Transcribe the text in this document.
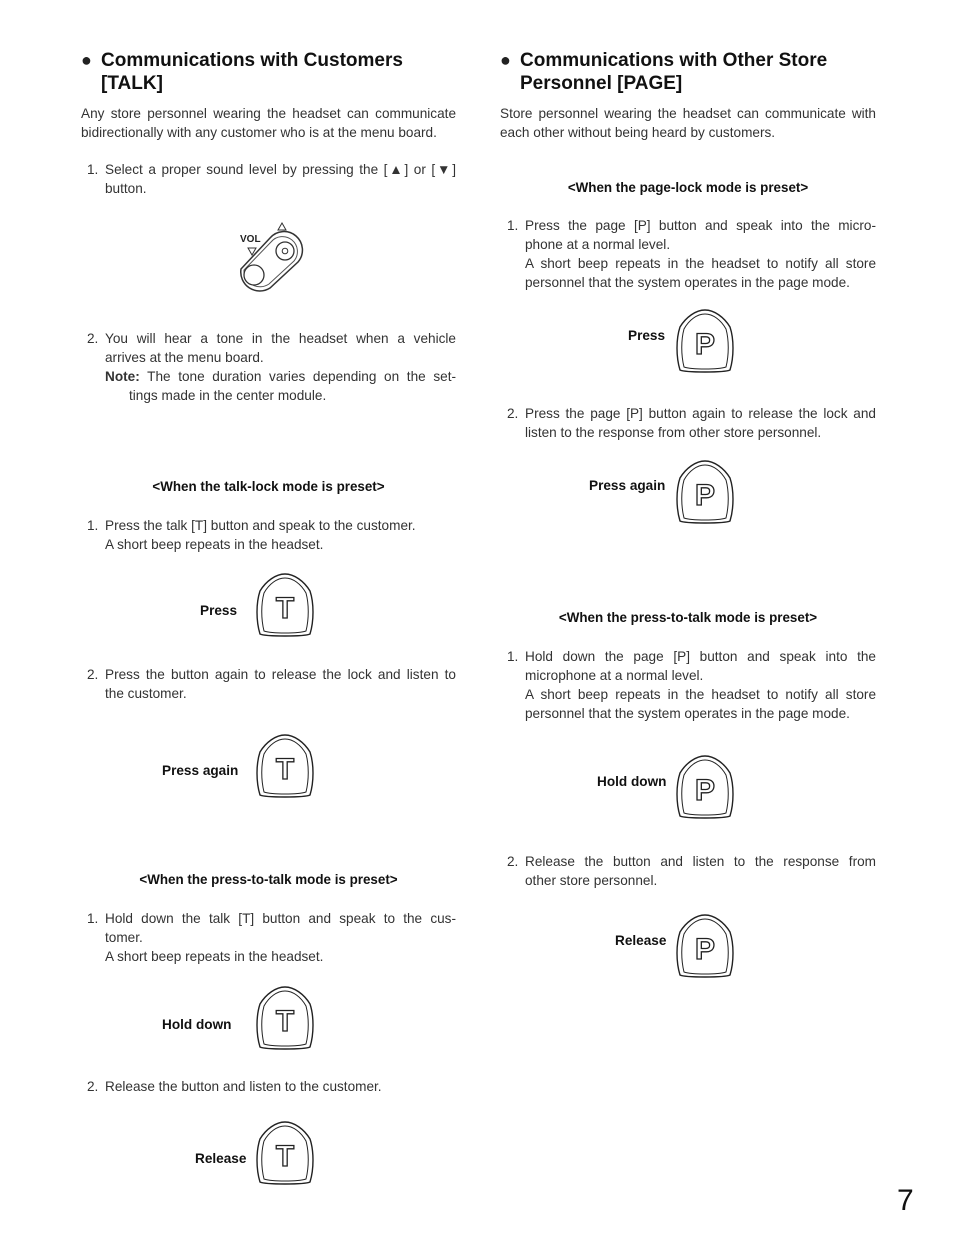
● Communications with Customers
[TALK]
Any store personnel wearing the headset can communicate bidirectionally with any customer who is at the menu board.
1. Select a proper sound level by pressing the [▲] or [▼]
button.
VOL
2. You will hear a tone in the headset when a vehicle
arrives at the menu board.
Note: The tone duration varies depending on the set-
tings made in the center module.
<When the talk-lock mode is preset>
1. Press the talk [T] button and speak to the customer.
A short beep repeats in the headset.
Press T
2. Press the button again to release the lock and listen to
the customer.
Press again T
<When the press-to-talk mode is preset>
1. Hold down the talk [T] button and speak to the cus-
tomer.
A short beep repeats in the headset.
Hold down T
2. Release the button and listen to the customer.
Release T
● Communications with Other Store
Personnel [PAGE]
Store personnel wearing the headset can communicate with each other without being heard by customers.
<When the page-lock mode is preset>
1. Press the page [P] button and speak into the micro-
phone at a normal level.
A short beep repeats in the headset to notify all store
personnel that the system operates in the page mode.
Press P
2. Press the page [P] button again to release the lock and
listen to the response from other store personnel.
Press again P
<When the press-to-talk mode is preset>
1. Hold down the page [P] button and speak into the
microphone at a normal level.
A short beep repeats in the headset to notify all store
personnel that the system operates in the page mode.
Hold down P
2. Release the button and listen to the response from
other store personnel.
Release P
7
